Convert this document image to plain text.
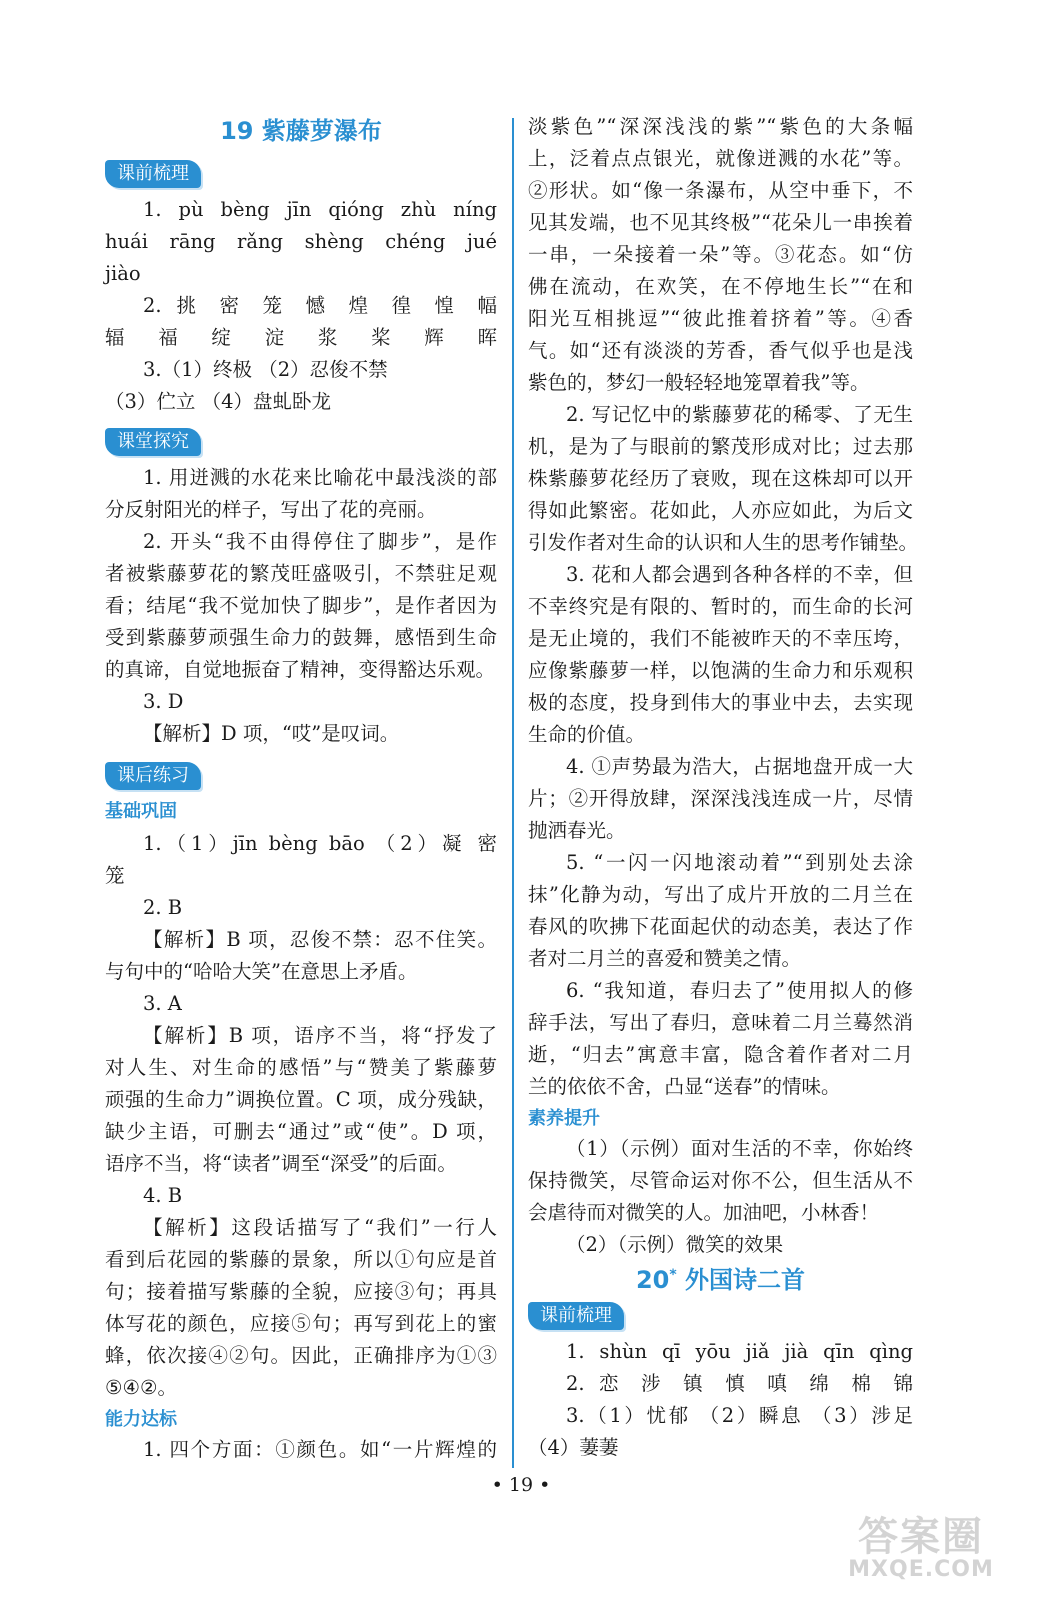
19 紫藤萝瀑布
课前梳理
1. pù bèng jīn qióng zhù níng
huái rāng rǎng shèng chéng jué
jiào
2. 挑 密 笼 憾 煌 徨 惶 幅
辐 福 绽 淀 浆 桨 辉 晖
3.（1）终极 （2）忍俊不禁
（3）伫立 （4）盘虬卧龙
课堂探究
1. 用迸溅的水花来比喻花中最浅淡的部
分反射阳光的样子，写出了花的亮丽。
2. 开头“我不由得停住了脚步”，是作
者被紫藤萝花的繁茂旺盛吸引，不禁驻足观
看；结尾“我不觉加快了脚步”，是作者因为
受到紫藤萝顽强生命力的鼓舞，感悟到生命
的真谛，自觉地振奋了精神，变得豁达乐观。
3. D
【解析】D 项，“哎”是叹词。
课后练习
基础巩固
1.（1）jīn bèng bāo （2）凝 密
笼
2. B
【解析】B 项，忍俊不禁：忍不住笑。
与句中的“哈哈大笑”在意思上矛盾。
3. A
【解析】B 项，语序不当，将“抒发了
对人生、对生命的感悟”与“赞美了紫藤萝
顽强的生命力”调换位置。C 项，成分残缺，
缺少主语，可删去“通过”或“使”。D 项，
语序不当，将“读者”调至“深受”的后面。
4. B
【解析】这段话描写了“我们”一行人
看到后花园的紫藤的景象，所以①句应是首
句；接着描写紫藤的全貌，应接③句；再具
体写花的颜色，应接⑤句；再写到花上的蜜
蜂，依次接④②句。因此，正确排序为①③
⑤④②。
能力达标
1. 四个方面：①颜色。如“一片辉煌的
淡紫色”“深深浅浅的紫”“紫色的大条幅
上，泛着点点银光，就像迸溅的水花”等。
②形状。如“像一条瀑布，从空中垂下，不
见其发端，也不见其终极”“花朵儿一串挨着
一串，一朵接着一朵”等。③花态。如“仿
佛在流动，在欢笑，在不停地生长”“在和
阳光互相挑逗”“彼此推着挤着”等。④香
气。如“还有淡淡的芳香，香气似乎也是浅
紫色的，梦幻一般轻轻地笼罩着我”等。
2. 写记忆中的紫藤萝花的稀零、了无生
机，是为了与眼前的繁茂形成对比；过去那
株紫藤萝花经历了衰败，现在这株却可以开
得如此繁密。花如此，人亦应如此，为后文
引发作者对生命的认识和人生的思考作铺垫。
3. 花和人都会遇到各种各样的不幸，但
不幸终究是有限的、暂时的，而生命的长河
是无止境的，我们不能被昨天的不幸压垮，
应像紫藤萝一样，以饱满的生命力和乐观积
极的态度，投身到伟大的事业中去，去实现
生命的价值。
4. ①声势最为浩大，占据地盘开成一大
片；②开得放肆，深深浅浅连成一片，尽情
抛洒春光。
5. “一闪一闪地滚动着”“到别处去涂
抹”化静为动，写出了成片开放的二月兰在
春风的吹拂下花面起伏的动态美，表达了作
者对二月兰的喜爱和赞美之情。
6. “我知道，春归去了”使用拟人的修
辞手法，写出了春归，意味着二月兰蓦然消
逝，“归去”寓意丰富，隐含着作者对二月
兰的依依不舍，凸显“送春”的情味。
素养提升
（1）（示例）面对生活的不幸，你始终
保持微笑，尽管命运对你不公，但生活从不
会虐待而对微笑的人。加油吧，小林香！
（2）（示例）微笑的效果
20* 外国诗二首
课前梳理
1. shùn qī yōu jiǎ jià qīn qìng
2. 恋 涉 镇 慎 嗔 绵 棉 锦
3.（1）忧郁 （2）瞬息 （3）涉足
（4）萋萋
• 19 •
答案圈
MXQE.COM
